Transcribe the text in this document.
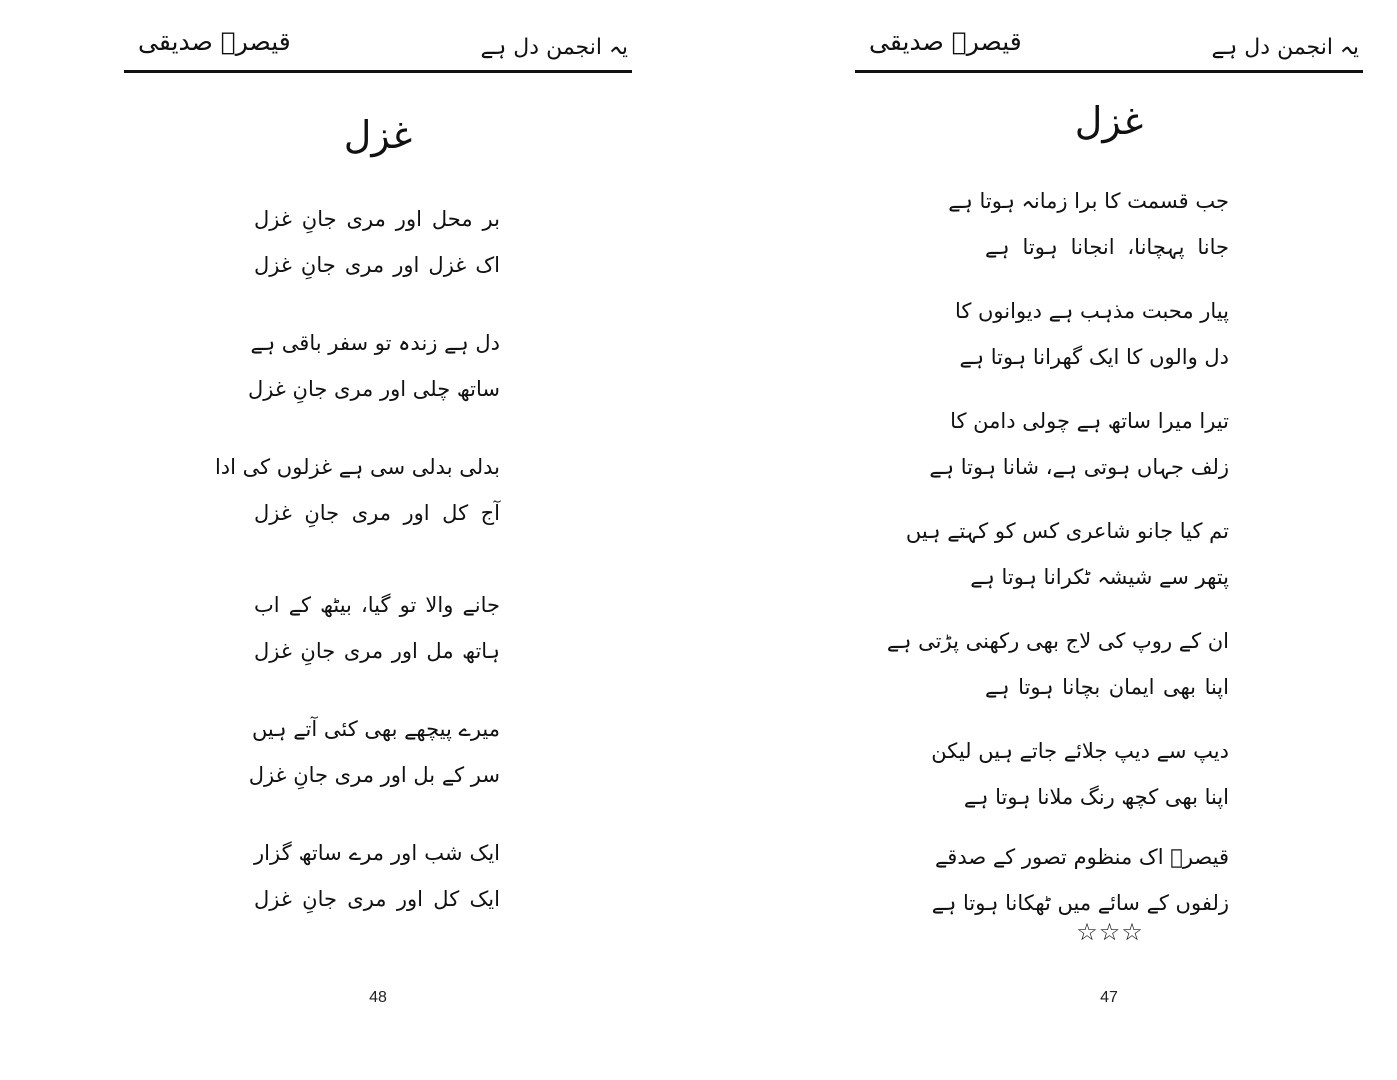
قیصرؔ صدیقی	یہ انجمن دل ہے
غزل
بر محل اور مری جانِ غزل
اک غزل اور مری جانِ غزل
دل ہے زندہ تو سفر باقی ہے
ساتھ چلی اور مری جانِ غزل
بدلی بدلی سی ہے غزلوں کی ادا
آج کل اور مری جانِ غزل
جانے والا تو گیا، بیٹھ کے اب
ہاتھ مل اور مری جانِ غزل
میرے پیچھے بھی کئی آتے ہیں
سر کے بل اور مری جانِ غزل
ایک شب اور مرے ساتھ گزار
ایک کل اور مری جانِ غزل
48
قیصرؔ صدیقی	یہ انجمن دل ہے
غزل
جب قسمت کا برا زمانہ ہوتا ہے
جانا پہچانا، انجانا ہوتا ہے
پیار محبت مذہب ہے دیوانوں کا
دل والوں کا ایک گھرانا ہوتا ہے
تیرا میرا ساتھ ہے چولی دامن کا
زلف جہاں ہوتی ہے، شانا ہوتا ہے
تم کیا جانو شاعری کس کو کہتے ہیں
پتھر سے شیشہ ٹکرانا ہوتا ہے
ان کے روپ کی لاج بھی رکھنی پڑتی ہے
اپنا بھی ایمان بچانا ہوتا ہے
دیپ سے دیپ جلائے جاتے ہیں لیکن
اپنا بھی کچھ رنگ ملانا ہوتا ہے
قیصرؔ اک منظوم تصور کے صدقے
زلفوں کے سائے میں ٹھکانا ہوتا ہے
☆☆☆
47
